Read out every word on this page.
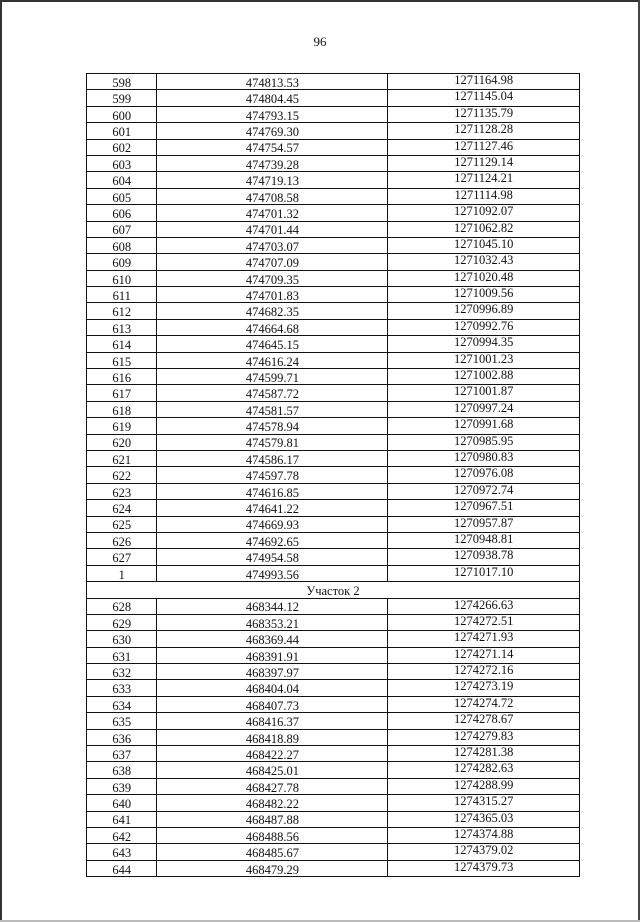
96
598	474813.53	1271164.98
599	474804.45	1271145.04
600	474793.15	1271135.79
601	474769.30	1271128.28
602	474754.57	1271127.46
603	474739.28	1271129.14
604	474719.13	1271124.21
605	474708.58	1271114.98
606	474701.32	1271092.07
607	474701.44	1271062.82
608	474703.07	1271045.10
609	474707.09	1271032.43
610	474709.35	1271020.48
611	474701.83	1271009.56
612	474682.35	1270996.89
613	474664.68	1270992.76
614	474645.15	1270994.35
615	474616.24	1271001.23
616	474599.71	1271002.88
617	474587.72	1271001.87
618	474581.57	1270997.24
619	474578.94	1270991.68
620	474579.81	1270985.95
621	474586.17	1270980.83
622	474597.78	1270976.08
623	474616.85	1270972.74
624	474641.22	1270967.51
625	474669.93	1270957.87
626	474692.65	1270948.81
627	474954.58	1270938.78
1	474993.56	1271017.10
Участок 2		
628	468344.12	1274266.63
629	468353.21	1274272.51
630	468369.44	1274271.93
631	468391.91	1274271.14
632	468397.97	1274272.16
633	468404.04	1274273.19
634	468407.73	1274274.72
635	468416.37	1274278.67
636	468418.89	1274279.83
637	468422.27	1274281.38
638	468425.01	1274282.63
639	468427.78	1274288.99
640	468482.22	1274315.27
641	468487.88	1274365.03
642	468488.56	1274374.88
643	468485.67	1274379.02
644	468479.29	1274379.73
